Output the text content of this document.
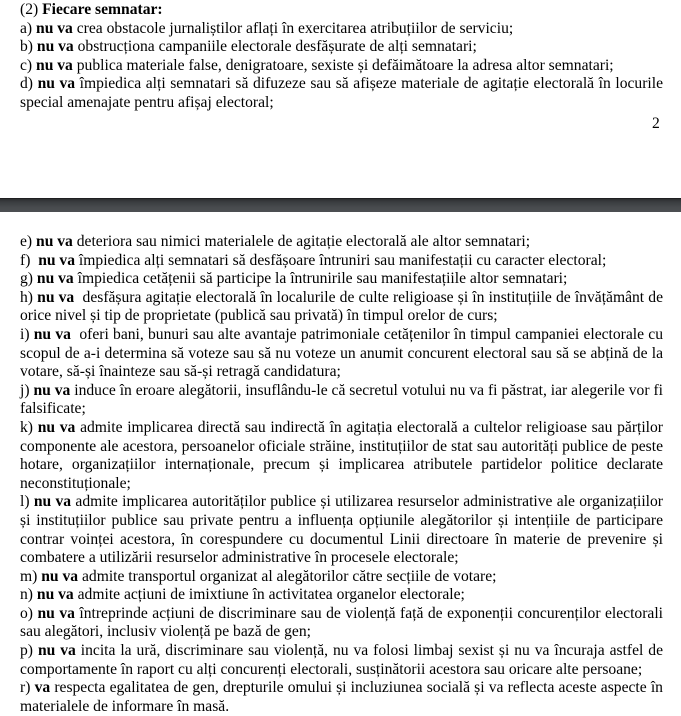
(2) Fiecare semnatar:
a) nu va crea obstacole jurnaliștilor aflați în exercitarea atribuțiilor de serviciu;
b) nu va obstrucționa campaniile electorale desfășurate de alți semnatari;
c) nu va publica materiale false, denigratoare, sexiste și defăimătoare la adresa altor semnatari;
d) nu va împiedica alți semnatari să difuzeze sau să afișeze materiale de agitație electorală în locurile special amenajate pentru afișaj electoral;
2
e) nu va deteriora sau nimici materialele de agitație electorală ale altor semnatari;
f)  nu va împiedica alți semnatari să desfășoare întruniri sau manifestații cu caracter electoral;
g) nu va împiedica cetățenii să participe la întrunirile sau manifestațiile altor semnatari;
h) nu va  desfășura agitație electorală în localurile de culte religioase și în instituțiile de învățământ de orice nivel și tip de proprietate (publică sau privată) în timpul orelor de curs;
i) nu va  oferi bani, bunuri sau alte avantaje patrimoniale cetățenilor în timpul campaniei electorale cu scopul de a-i determina să voteze sau să nu voteze un anumit concurent electoral sau să se abțină de la votare, să-și înainteze sau să-și retragă candidatura;
j) nu va induce în eroare alegătorii, insuflându-le că secretul votului nu va fi păstrat, iar alegerile vor fi falsificate;
k) nu va admite implicarea directă sau indirectă în agitația electorală a cultelor religioase sau părților componente ale acestora, persoanelor oficiale străine, instituțiilor de stat sau autorități publice de peste hotare, organizațiilor internaționale, precum și implicarea atributele partidelor politice declarate neconstituționale;
l) nu va admite implicarea autorităților publice și utilizarea resurselor administrative ale organizațiilor și instituțiilor publice sau private pentru a influența opțiunile alegătorilor și intențiile de participare contrar voinței acestora, în corespundere cu documentul Linii directoare în materie de prevenire și combatere a utilizării resurselor administrative în procesele electorale;
m) nu va admite transportul organizat al alegătorilor către secțiile de votare;
n) nu va admite acțiuni de imixtiune în activitatea organelor electorale;
o) nu va întreprinde acțiuni de discriminare sau de violență față de exponenții concurenților electorali sau alegători, inclusiv violență pe bază de gen;
p) nu va incita la ură, discriminare sau violență, nu va folosi limbaj sexist și nu va încuraja astfel de comportamente în raport cu alți concurenți electorali, susținătorii acestora sau oricare alte persoane;
r) va respecta egalitatea de gen, drepturile omului și incluziunea socială și va reflecta aceste aspecte în materialele de informare în masă.
